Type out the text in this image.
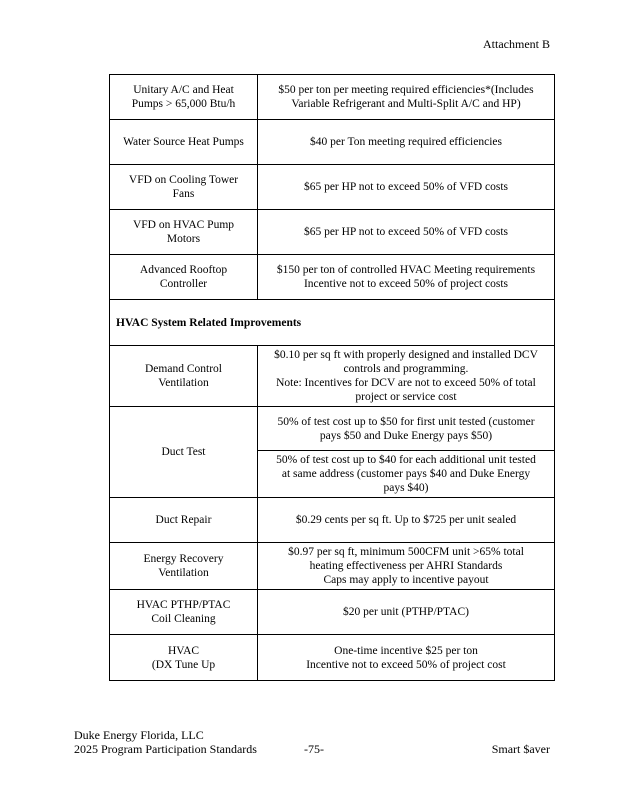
Attachment B
Unitary A/C and Heat
Pumps > 65,000 Btu/h	$50 per ton per meeting required efficiencies*(Includes
Variable Refrigerant and Multi-Split A/C and HP)
Water Source Heat Pumps	$40 per Ton meeting required efficiencies
VFD on Cooling Tower
Fans	$65 per HP not to exceed 50% of VFD costs
VFD on HVAC Pump
Motors	$65 per HP not to exceed 50% of VFD costs
Advanced Rooftop
Controller	$150 per ton of controlled HVAC Meeting requirements
Incentive not to exceed 50% of project costs
HVAC System Related Improvements	
Demand Control
Ventilation	$0.10 per sq ft with properly designed and installed DCV
controls and programming.
Note: Incentives for DCV are not to exceed 50% of total
project or service cost
Duct Test	50% of test cost up to $50 for first unit tested (customer
pays $50 and Duke Energy pays $50)
	50% of test cost up to $40 for each additional unit tested
at same address (customer pays $40 and Duke Energy
pays $40)
Duct Repair	$0.29 cents per sq ft. Up to $725 per unit sealed
Energy Recovery
Ventilation	$0.97 per sq ft, minimum 500CFM unit >65% total
heating effectiveness per AHRI Standards
Caps may apply to incentive payout
HVAC PTHP/PTAC
Coil Cleaning	$20 per unit (PTHP/PTAC)
HVAC
(DX Tune Up	One-time incentive $25 per ton
Incentive not to exceed 50% of project cost
Duke Energy Florida, LLC
2025 Program Participation Standards	-75-	Smart $aver
